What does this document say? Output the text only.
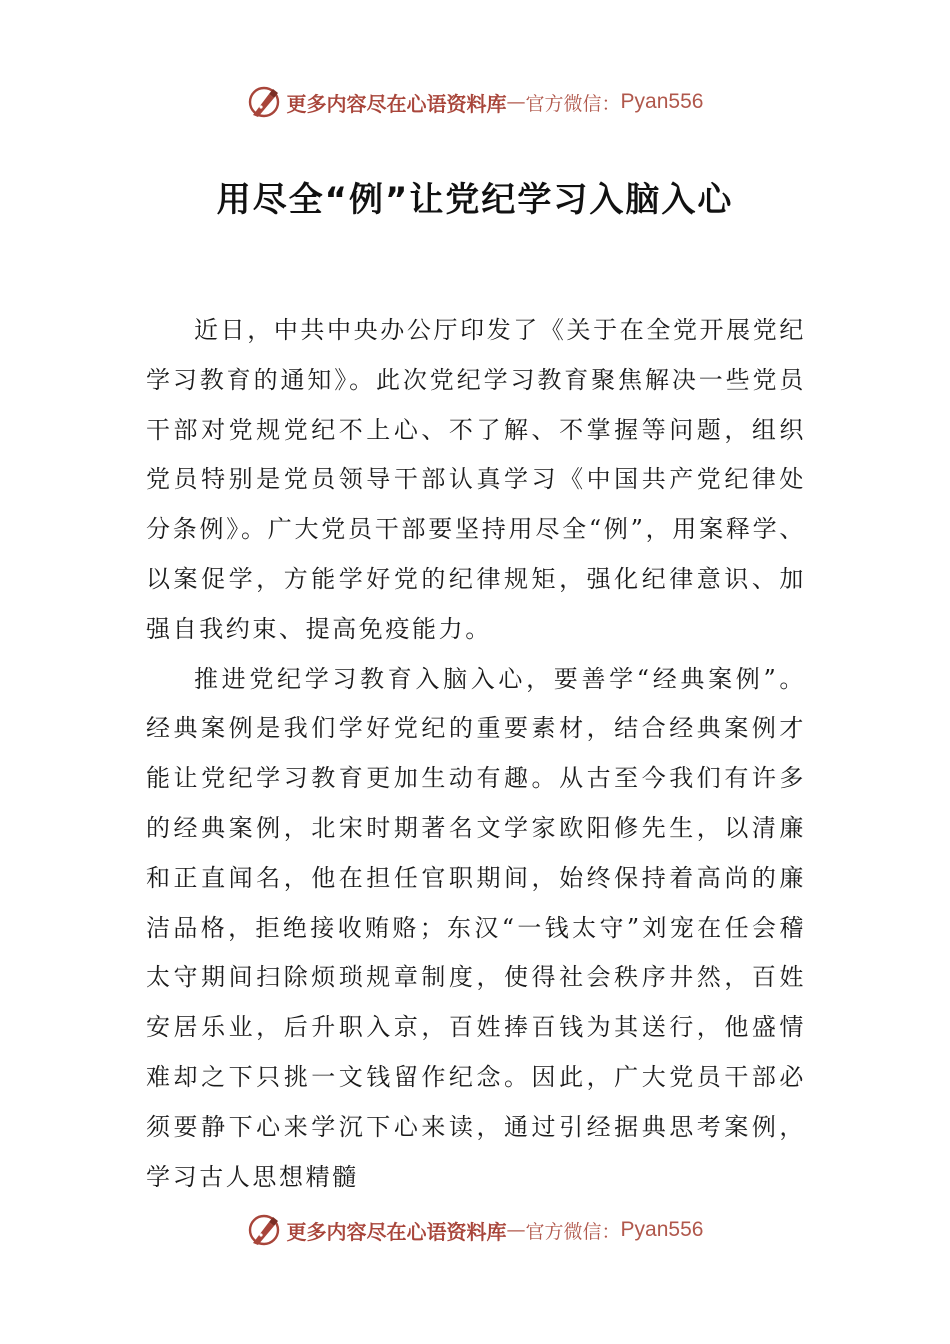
更多内容尽在心语资料库 — 官方微信： Pyan556
用尽全“例”让党纪学习入脑入心

近日，中共中央办公厅印发了《关于在全党开展党纪学习教育的通知》。此次党纪学习教育聚焦解决一些党员干部对党规党纪不上心、不了解、不掌握等问题，组织党员特别是党员领导干部认真学习《中国共产党纪律处分条例》。广大党员干部要坚持用尽全“例”，用案释学、以案促学，方能学好党的纪律规矩，强化纪律意识、加强自我约束、提高免疫能力。

推进党纪学习教育入脑入心，要善学“经典案例”。经典案例是我们学好党纪的重要素材，结合经典案例才能让党纪学习教育更加生动有趣。从古至今我们有许多的经典案例，北宋时期著名文学家欧阳修先生，以清廉和正直闻名，他在担任官职期间，始终保持着高尚的廉洁品格，拒绝接收贿赂；东汉“一钱太守”刘宠在任会稽太守期间扫除烦琐规章制度，使得社会秩序井然，百姓安居乐业，后升职入京，百姓捧百钱为其送行，他盛情难却之下只挑一文钱留作纪念。因此，广大党员干部必须要静下心来学沉下心来读，通过引经据典思考案例，学习古人思想精髓

更多内容尽在心语资料库 — 官方微信： Pyan556
